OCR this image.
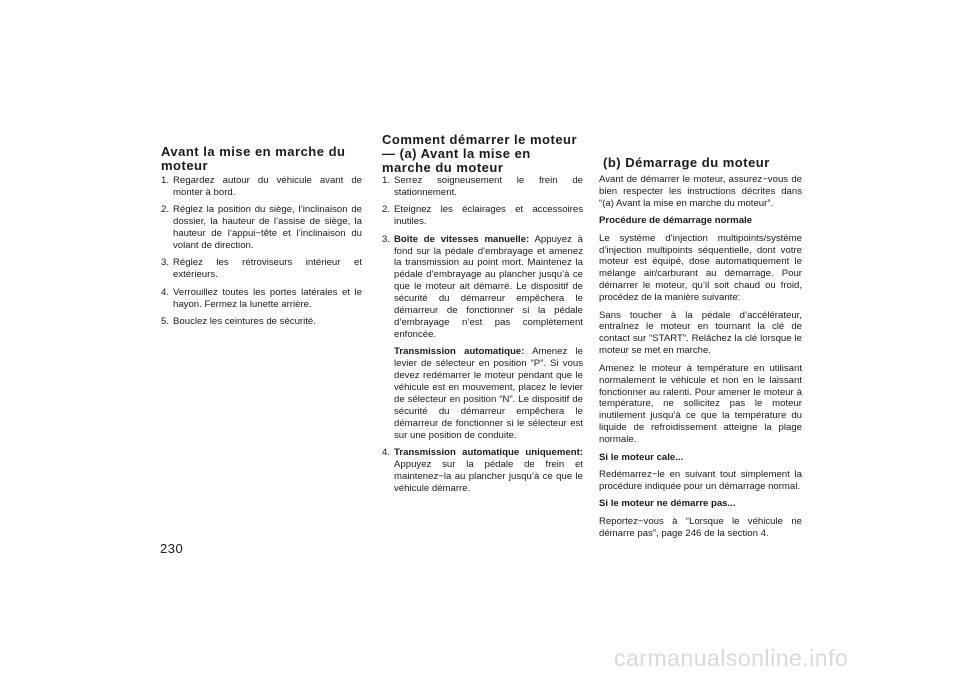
Avant la mise en marche du moteur
1. Regardez autour du véhicule avant de monter à bord.

2. Réglez la position du siège, l’inclinaison de dossier, la hauteur de l’assise de siège, la hauteur de l’appui−tête et l’inclinaison du volant de direction.

3. Réglez les rétroviseurs intérieur et extérieurs.

4. Verrouillez toutes les portes latérales et le hayon. Fermez la lunette arrière.

5. Bouclez les ceintures de sécurité.

Comment démarrer le moteur— (a) Avant la mise en marche du moteur
1. Serrez soigneusement le frein de stationnement.

2. Eteignez les éclairages et accessoires inutiles.

3. Boîte de vitesses manuelle: Appuyez à fond sur la pédale d’embrayage et amenez la transmission au point mort. Maintenez la pédale d’embrayage au plancher jusqu’à ce que le moteur ait démarré. Le dispositif de sécurité du démarreur empêchera le démarreur de fonctionner si la pédale d’embrayage n’est pas complètement enfoncée.

Transmission automatique: Amenez le levier de sélecteur en position “P”. Si vous devez redémarrer le moteur pendant que le véhicule est en mouvement, placez le levier de sélecteur en position “N”. Le dispositif de sécurité du démarreur empêchera le démarreur de fonctionner si le sélecteur est sur une position de conduite.

4. Transmission automatique uniquement: Appuyez sur la pédale de frein et maintenez−la au plancher jusqu’à ce que le véhicule démarre.

(b) Démarrage du moteur

Avant de démarrer le moteur, assurez−vous de bien respecter les instructions décrites dans “(a) Avant la mise en marche du moteur”.

Procédure de démarrage normale

Le système d’injection multipoints/système d’injection multipoints séquentielle, dont votre moteur est équipé, dose automatiquement le mélange air/carburant au démarrage. Pour démarrer le moteur, qu’il soit chaud ou froid, procédez de la manière suivante:

Sans toucher à la pédale d’accélérateur, entraînez le moteur en tournant la clé de contact sur “START”. Relâchez la clé lorsque le moteur se met en marche.

Amenez le moteur à température en utilisant normalement le véhicule et non en le laissant fonctionner au ralenti. Pour amener le moteur à température, ne sollicitez pas le moteur inutilement jusqu’à ce que la température du liquide de refroidissement atteigne la plage normale.

Si le moteur cale...

Redémarrez−le en suivant tout simplement la procédure indiquée pour un démarrage normal.

Si le moteur ne démarre pas...

Reportez−vous à “Lorsque le véhicule ne démarre pas”, page 246 de la section 4.

230
carmanualsonline.info
